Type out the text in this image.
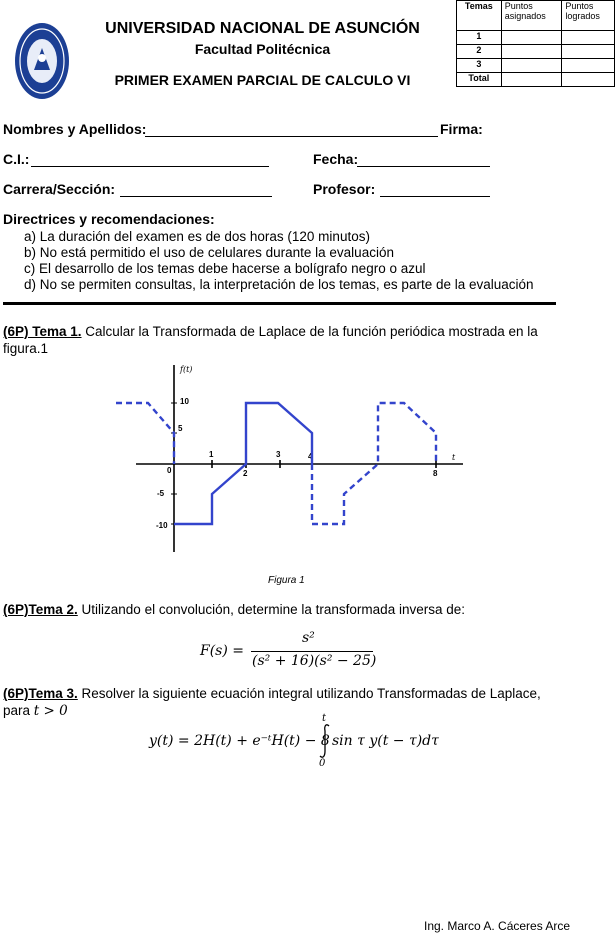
UNIVERSIDAD NACIONAL DE ASUNCIÓN
Facultad Politécnica
PRIMER EXAMEN PARCIAL DE CALCULO VI
Temas	Puntos asignados	Puntos logrados
1		
2		
3		
Total		
Nombres y Apellidos:	Firma:
C.I.:	Fecha:
Carrera/Sección:	Profesor:
Directrices y recomendaciones:
a) La duración del examen es de dos horas (120 minutos)
b) No está permitido el uso de celulares durante la evaluación
c) El desarrollo de los temas debe hacerse a bolígrafo negro o azul
d) No se permiten consultas, la interpretación de los temas, es parte de la evaluación
(6P) Tema 1. Calcular la Transformada de Laplace de la función periódica mostrada en la figura.1
f(t)
t
10
5
-5
-10
0
1
2
3	4
8
Figura 1
(6P)Tema 2. Utilizando el convolución, determine la transformada inversa de:
F(s) =
s²
(s² + 16)(s² − 25)
(6P)Tema 3. Resolver la siguiente ecuación integral utilizando Transformadas de Laplace,
para t > 0
y(t) = 2H(t) + e⁻ᵗH(t) − 8
t
0
sin τ y(t − τ)dτ
Ing. Marco A. Cáceres Arce
